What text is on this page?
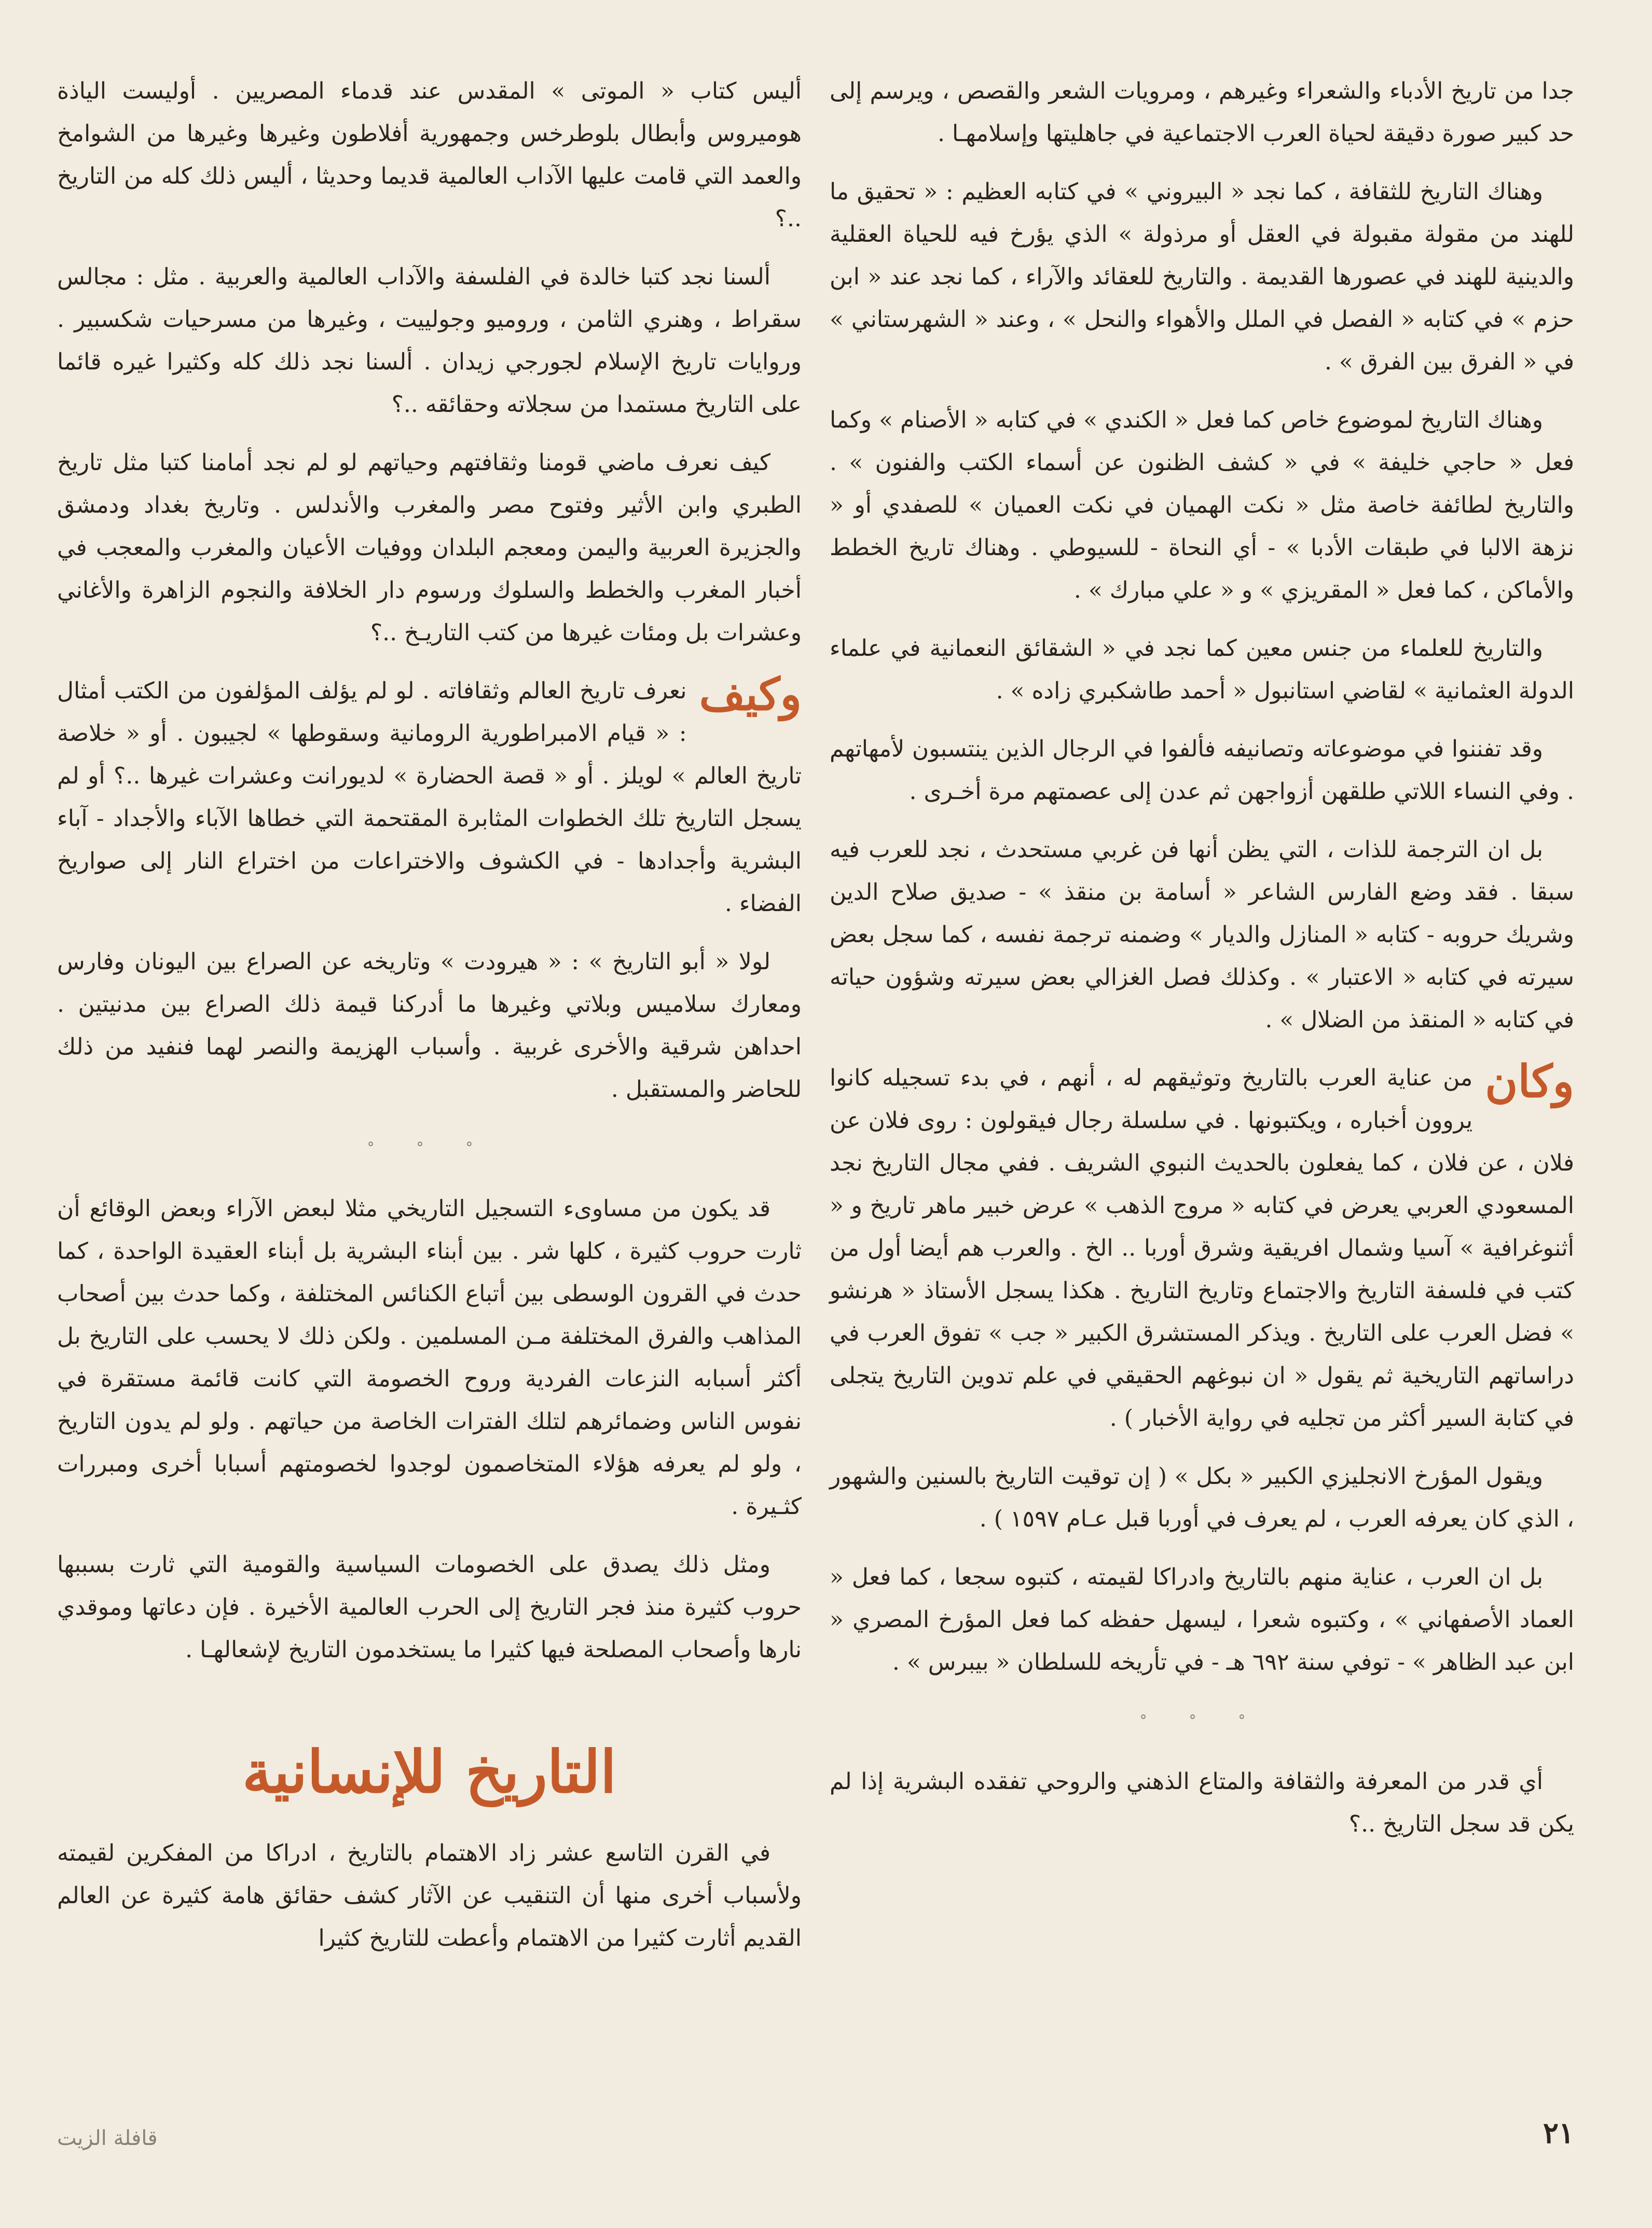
جدا من تاريخ الأدباء والشعراء وغيرهم ، ومرويات الشعر والقصص ، ويرسم إلى حد كبير صورة دقيقة لحياة العرب الاجتماعية في جاهليتها وإسلامهـا .

وهناك التاريخ للثقافة ، كما نجد « البيروني » في كتابه العظيم : « تحقيق ما للهند من مقولة مقبولة في العقل أو مرذولة » الذي يؤرخ فيه للحياة العقلية والدينية للهند في عصورها القديمة . والتاريخ للعقائد والآراء ، كما نجد عند « ابن حزم » في كتابه « الفصل في الملل والأهواء والنحل » ، وعند « الشهرستاني » في « الفرق بين الفرق » .

وهناك التاريخ لموضوع خاص كما فعل « الكندي » في كتابه « الأصنام » وكما فعل « حاجي خليفة » في « كشف الظنون عن أسماء الكتب والفنون » . والتاريخ لطائفة خاصة مثل « نكت الهميان في نكت العميان » للصفدي أو « نزهة الالبا في طبقات الأدبا » - أي النحاة - للسيوطي . وهناك تاريخ الخطط والأماكن ، كما فعل « المقريزي » و « علي مبارك » .

والتاريخ للعلماء من جنس معين كما نجد في « الشقائق النعمانية في علماء الدولة العثمانية » لقاضي استانبول « أحمد طاشكبري زاده » .

وقد تفننوا في موضوعاته وتصانيفه فألفوا في الرجال الذين ينتسبون لأمهاتهم . وفي النساء اللاتي طلقهن أزواجهن ثم عدن إلى عصمتهم مرة أخـرى .

بل ان الترجمة للذات ، التي يظن أنها فن غربي مستحدث ، نجد للعرب فيه سبقا . فقد وضع الفارس الشاعر « أسامة بن منقذ » - صديق صلاح الدين وشريك حروبه - كتابه « المنازل والديار » وضمنه ترجمة نفسه ، كما سجل بعض سيرته في كتابه « الاعتبار » . وكذلك فصل الغزالي بعض سيرته وشؤون حياته في كتابه « المنقذ من الضلال » .

وكان
من عناية العرب بالتاريخ وتوثيقهم له ، أنهم ، في بدء تسجيله كانوا يروون أخباره ، ويكتبونها . في سلسلة رجال فيقولون : روى فلان عن فلان ، عن فلان ، كما يفعلون بالحديث النبوي الشريف . ففي مجال التاريخ نجد المسعودي العربي يعرض في كتابه « مروج الذهب » عرض خبير ماهر تاريخ و « أثنوغرافية » آسيا وشمال افريقية وشرق أوربا .. الخ . والعرب هم أيضا أول من كتب في فلسفة التاريخ والاجتماع وتاريخ التاريخ . هكذا يسجل الأستاذ « هرنشو » فضل العرب على التاريخ . ويذكر المستشرق الكبير « جب » تفوق العرب في دراساتهم التاريخية ثم يقول « ان نبوغهم الحقيقي في علم تدوين التاريخ يتجلى في كتابة السير أكثر من تجليه في رواية الأخبار ) .

ويقول المؤرخ الانجليزي الكبير « بكل » ( إن توقيت التاريخ بالسنين والشهور ، الذي كان يعرفه العرب ، لم يعرف في أوربا قبل عـام ١٥٩٧ ) .

بل ان العرب ، عناية منهم بالتاريخ وادراكا لقيمته ، كتبوه سجعا ، كما فعل « العماد الأصفهاني » ، وكتبوه شعرا ، ليسهل حفظه كما فعل المؤرخ المصري « ابن عبد الظاهر » - توفي سنة ٦٩٢ هـ - في تأريخه للسلطان « بيبرس » .

° ° °

أي قدر من المعرفة والثقافة والمتاع الذهني والروحي تفقده البشرية إذا لم يكن قد سجل التاريخ ..؟

أليس كتاب « الموتى » المقدس عند قدماء المصريين . أوليست الياذة هوميروس وأبطال بلوطرخس وجمهورية أفلاطون وغيرها وغيرها من الشوامخ والعمد التي قامت عليها الآداب العالمية قديما وحديثا ، أليس ذلك كله من التاريخ ..؟

ألسنا نجد كتبا خالدة في الفلسفة والآداب العالمية والعربية . مثل : مجالس سقراط ، وهنري الثامن ، وروميو وجولييت ، وغيرها من مسرحيات شكسبير . وروايات تاريخ الإسلام لجورجي زيدان . ألسنا نجد ذلك كله وكثيرا غيره قائما على التاريخ مستمدا من سجلاته وحقائقه ..؟

كيف نعرف ماضي قومنا وثقافتهم وحياتهم لو لم نجد أمامنا كتبا مثل تاريخ الطبري وابن الأثير وفتوح مصر والمغرب والأندلس . وتاريخ بغداد ودمشق والجزيرة العربية واليمن ومعجم البلدان ووفيات الأعيان والمغرب والمعجب في أخبار المغرب والخطط والسلوك ورسوم دار الخلافة والنجوم الزاهرة والأغاني وعشرات بل ومئات غيرها من كتب التاريـخ ..؟

وكيف
نعرف تاريخ العالم وثقافاته . لو لم يؤلف المؤلفون من الكتب أمثال : « قيام الامبراطورية الرومانية وسقوطها » لجيبون . أو « خلاصة تاريخ العالم » لويلز . أو « قصة الحضارة » لديورانت وعشرات غيرها ..؟ أو لم يسجل التاريخ تلك الخطوات المثابرة المقتحمة التي خطاها الآباء والأجداد - آباء البشرية وأجدادها - في الكشوف والاختراعات من اختراع النار إلى صواريخ الفضاء .

لولا « أبو التاريخ » : « هيرودت » وتاريخه عن الصراع بين اليونان وفارس ومعارك سلاميس وبلاتي وغيرها ما أدركنا قيمة ذلك الصراع بين مدنيتين . احداهن شرقية والأخرى غربية . وأسباب الهزيمة والنصر لهما فنفيد من ذلك للحاضر والمستقبل .

° ° °

قد يكون من مساوىء التسجيل التاريخي مثلا لبعض الآراء وبعض الوقائع أن ثارت حروب كثيرة ، كلها شر . بين أبناء البشرية بل أبناء العقيدة الواحدة ، كما حدث في القرون الوسطى بين أتباع الكنائس المختلفة ، وكما حدث بين أصحاب المذاهب والفرق المختلفة مـن المسلمين . ولكن ذلك لا يحسب على التاريخ بل أكثر أسبابه النزعات الفردية وروح الخصومة التي كانت قائمة مستقرة في نفوس الناس وضمائرهم لتلك الفترات الخاصة من حياتهم . ولو لم يدون التاريخ ، ولو لم يعرفه هؤلاء المتخاصمون لوجدوا لخصومتهم أسبابا أخرى ومبررات كثـيرة .

ومثل ذلك يصدق على الخصومات السياسية والقومية التي ثارت بسببها حروب كثيرة منذ فجر التاريخ إلى الحرب العالمية الأخيرة . فإن دعاتها وموقدي نارها وأصحاب المصلحة فيها كثيرا ما يستخدمون التاريخ لإشعالهـا .

التاريخ للإنسانية

في القرن التاسع عشر زاد الاهتمام بالتاريخ ، ادراكا من المفكرين لقيمته ولأسباب أخرى منها أن التنقيب عن الآثار كشف حقائق هامة كثيرة عن العالم القديم أثارت كثيرا من الاهتمام وأعطت للتاريخ كثيرا

٢١
قافلة الزيت
